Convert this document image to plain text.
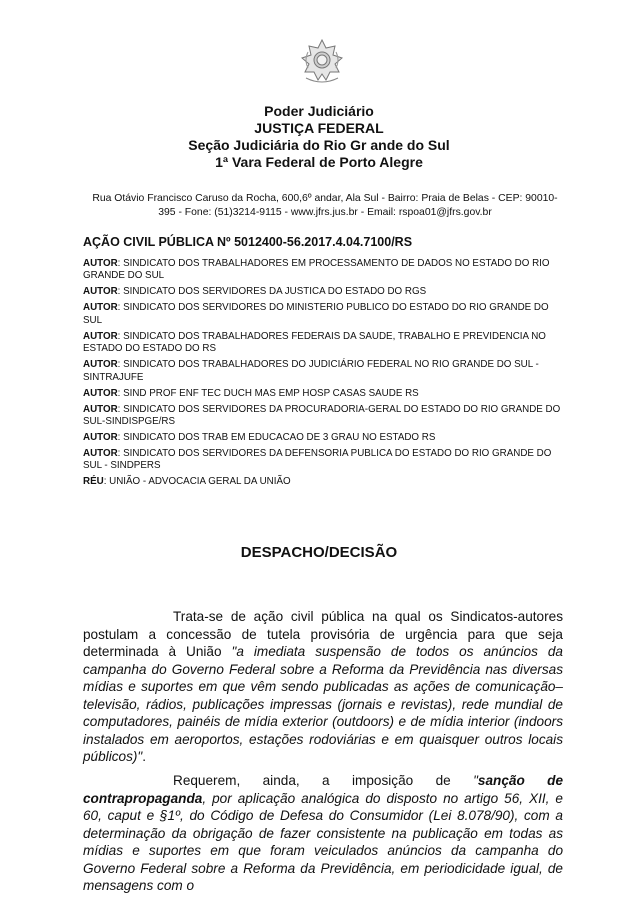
Poder Judiciário
JUSTIÇA FEDERAL
Seção Judiciária do Rio Gr ande do Sul
1ª Vara Federal de Porto Alegre
Rua Otávio Francisco Caruso da Rocha, 600,6º andar, Ala Sul - Bairro: Praia de Belas - CEP: 90010-
395 - Fone: (51)3214-9115 - www.jfrs.jus.br - Email: rspoa01@jfrs.gov.br
AÇÃO CIVIL PÚBLICA Nº 5012400-56.2017.4.04.7100/RS
AUTOR: SINDICATO DOS TRABALHADORES EM PROCESSAMENTO DE DADOS NO ESTADO DO RIO GRANDE DO SUL
AUTOR: SINDICATO DOS SERVIDORES DA JUSTICA DO ESTADO DO RGS
AUTOR: SINDICATO DOS SERVIDORES DO MINISTERIO PUBLICO DO ESTADO DO RIO GRANDE DO SUL
AUTOR: SINDICATO DOS TRABALHADORES FEDERAIS DA SAUDE, TRABALHO E PREVIDENCIA NO ESTADO DO ESTADO DO RS
AUTOR: SINDICATO DOS TRABALHADORES DO JUDICIÁRIO FEDERAL NO RIO GRANDE DO SUL - SINTRAJUFE
AUTOR: SIND PROF ENF TEC DUCH MAS EMP HOSP CASAS SAUDE RS
AUTOR: SINDICATO DOS SERVIDORES DA PROCURADORIA-GERAL DO ESTADO DO RIO GRANDE DO SUL-SINDISPGE/RS
AUTOR: SINDICATO DOS TRAB EM EDUCACAO DE 3 GRAU NO ESTADO RS
AUTOR: SINDICATO DOS SERVIDORES DA DEFENSORIA PUBLICA DO ESTADO DO RIO GRANDE DO SUL - SINDPERS
RÉU: UNIÃO - ADVOCACIA GERAL DA UNIÃO
DESPACHO/DECISÃO
Trata-se de ação civil pública na qual os Sindicatos-autores postulam a concessão de tutela provisória de urgência para que seja determinada à União "a imediata suspensão de todos os anúncios da campanha do Governo Federal sobre a Reforma da Previdência nas diversas mídias e suportes em que vêm sendo publicadas as ações de comunicação– televisão, rádios, publicações impressas (jornais e revistas), rede mundial de computadores, painéis de mídia exterior (outdoors) e de mídia interior (indoors instalados em aeroportos, estações rodoviárias e em quaisquer outros locais públicos)".
Requerem, ainda, a imposição de "sanção de contrapropaganda, por aplicação analógica do disposto no artigo 56, XII, e 60, caput e §1º, do Código de Defesa do Consumidor (Lei 8.078/90), com a determinação da obrigação de fazer consistente na publicação em todas as mídias e suportes em que foram veiculados anúncios da campanha do Governo Federal sobre a Reforma da Previdência, em periodicidade igual, de mensagens com o
